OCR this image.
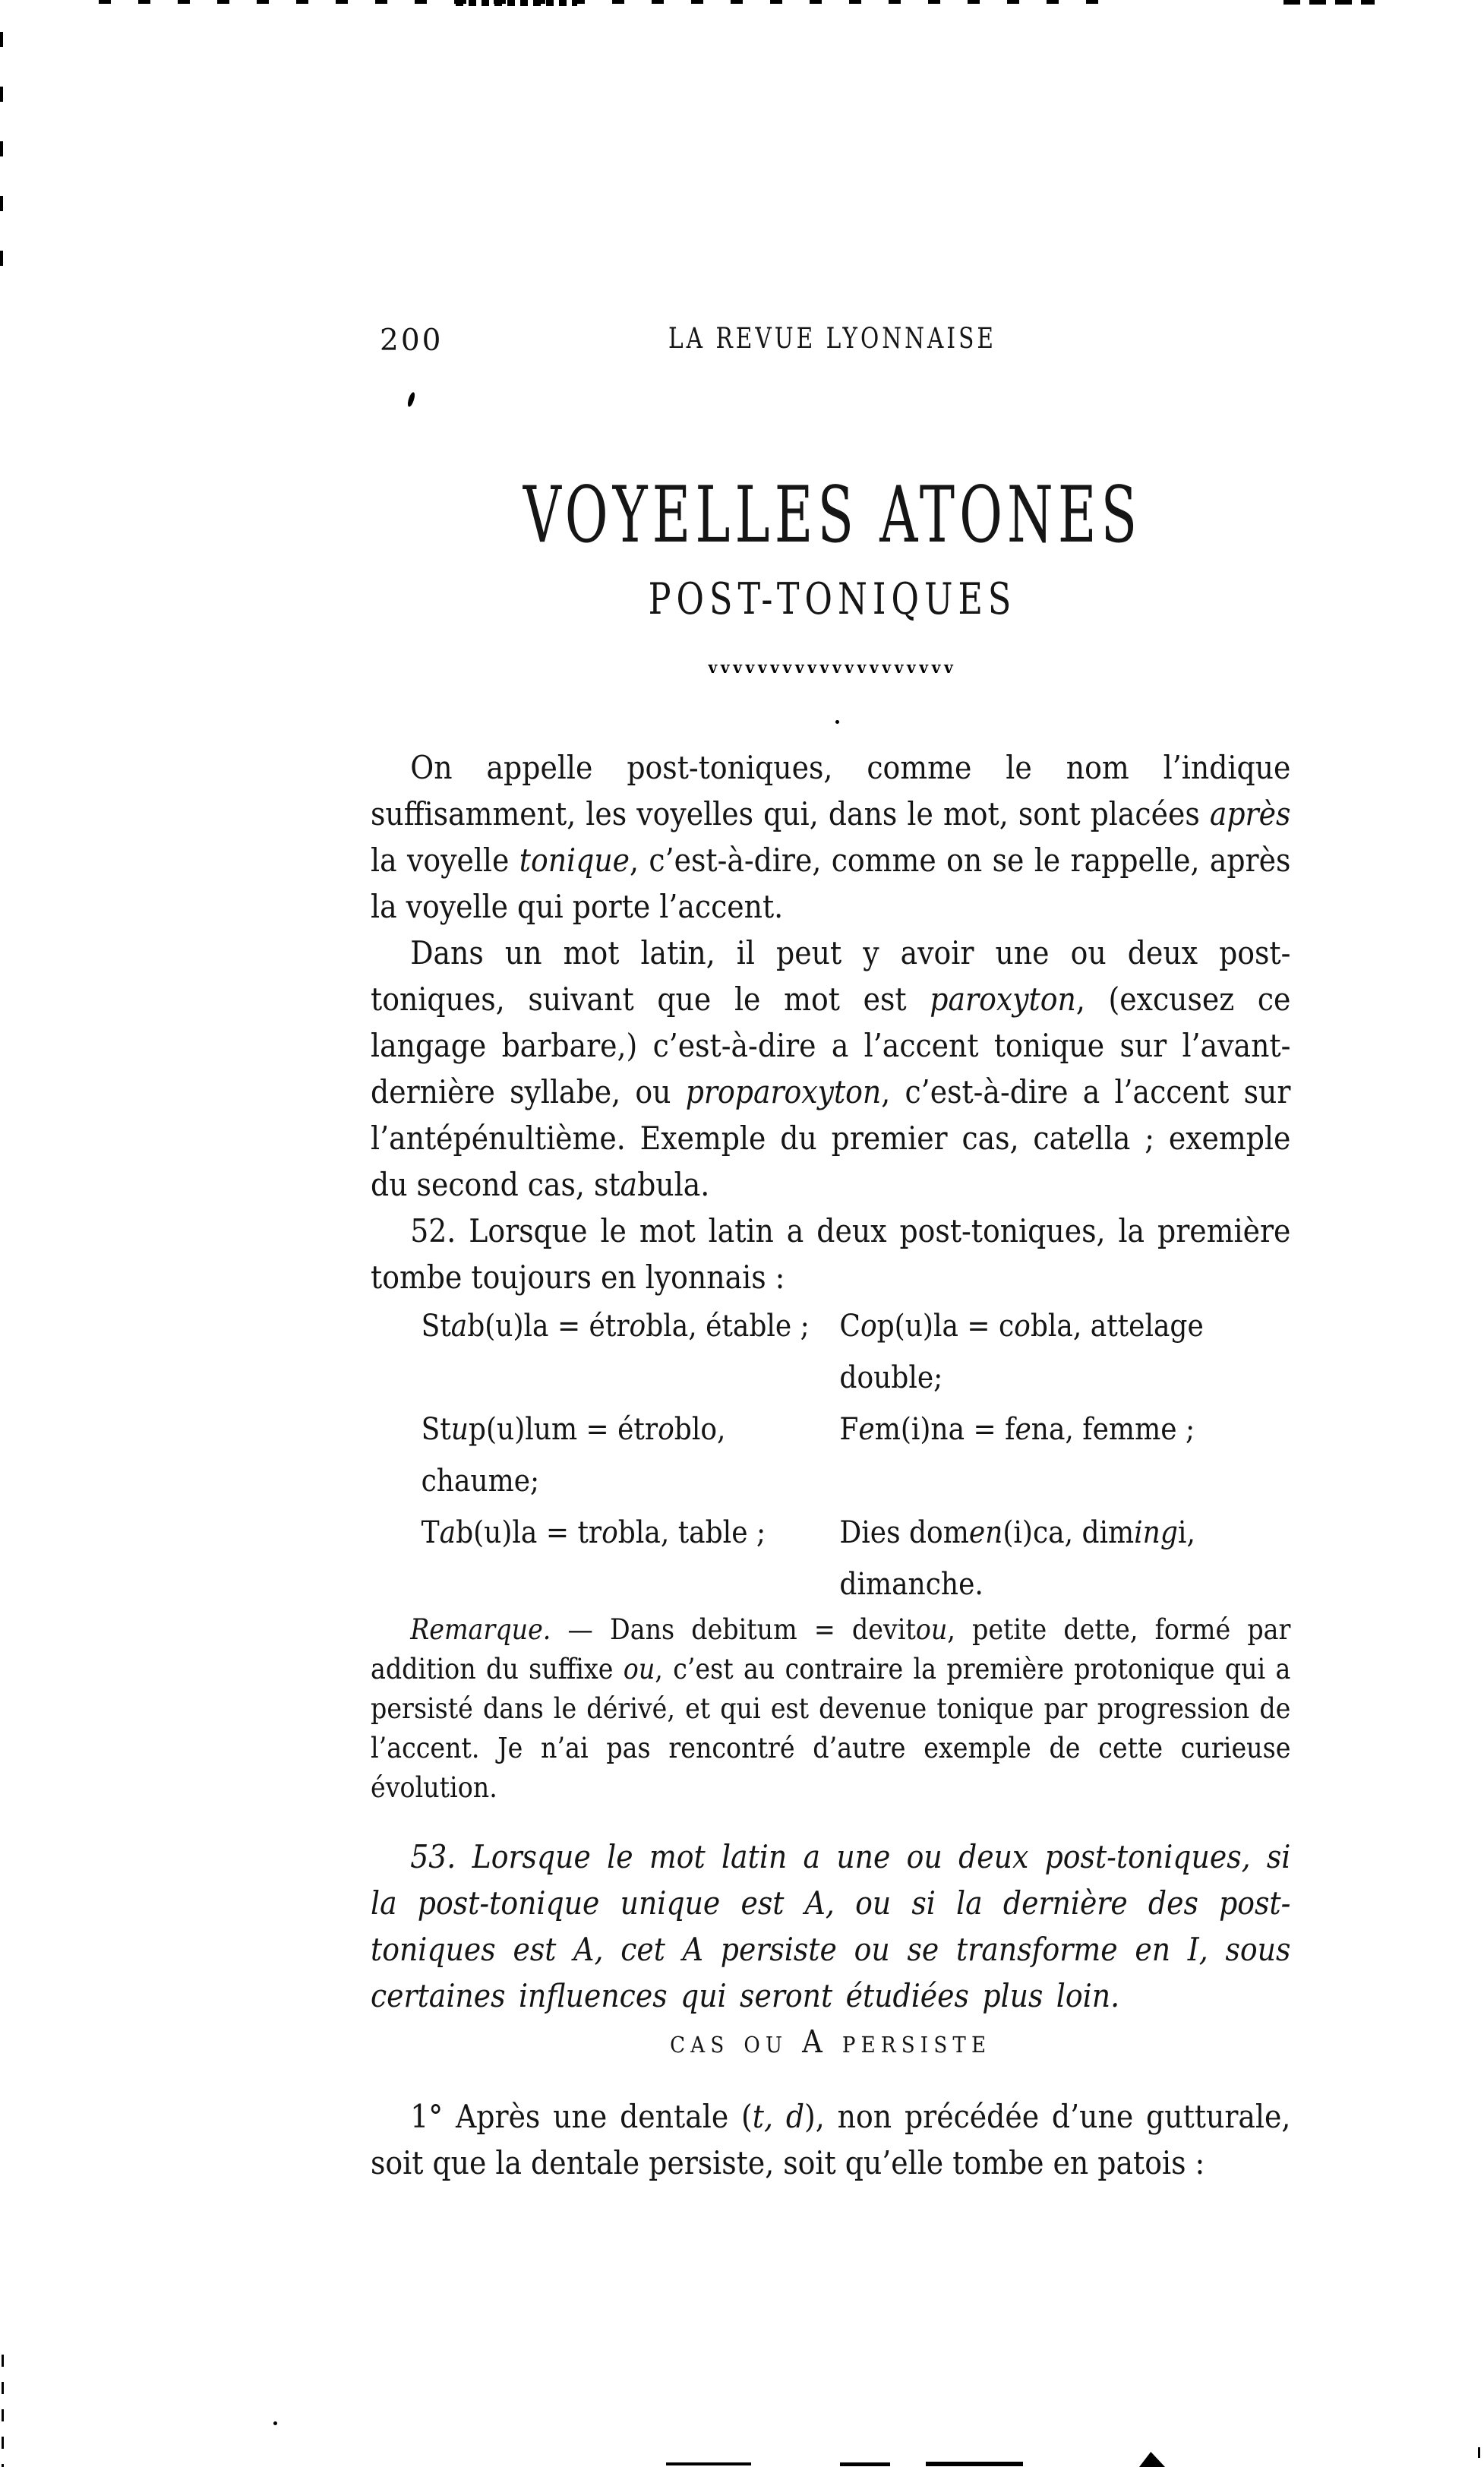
200	LA REVUE LYONNAISE
VOYELLES ATONES
POST-TONIQUES
vvvvvvvvvvvvvvvvvvvv

On appelle post-toniques, comme le nom l’indique suffisamment, les voyelles qui, dans le mot, sont placées après la voyelle tonique, c’est-à-dire, comme on se le rappelle, après la voyelle qui porte l’accent.

Dans un mot latin, il peut y avoir une ou deux post-toniques, suivant que le mot est paroxyton, (excusez ce langage barbare,) c’est-à-dire a l’accent tonique sur l’avant-dernière syllabe, ou proparoxyton, c’est-à-dire a l’accent sur l’antépénultième. Exemple du premier cas, catella ; exemple du second cas, stabula.

52. Lorsque le mot latin a deux post-toniques, la première tombe toujours en lyonnais :

Stab(u)la = étrobla, étable ; Cop(u)la = cobla, attelage double;
Stup(u)lum = étroblo, chaume;
Fem(i)na = fena, femme ;
Tab(u)la = trobla, table ;	Dies domen(i)ca, dimingi, dimanche.

Remarque. — Dans debitum = devitou, petite dette, formé par addition du suffixe ou, c’est au contraire la première protonique qui a persisté dans le dérivé, et qui est devenue tonique par progression de l’accent. Je n’ai pas rencontré d’autre exemple de cette curieuse évolution.

53. Lorsque le mot latin a une ou deux post-toniques, si la post-tonique unique est A, ou si la dernière des post-toniques est A, cet A persiste ou se transforme en I, sous certaines influences qui seront étudiées plus loin.

cas ou A persiste

1° Après une dentale (t, d), non précédée d’une gutturale, soit que la dentale persiste, soit qu’elle tombe en patois :
